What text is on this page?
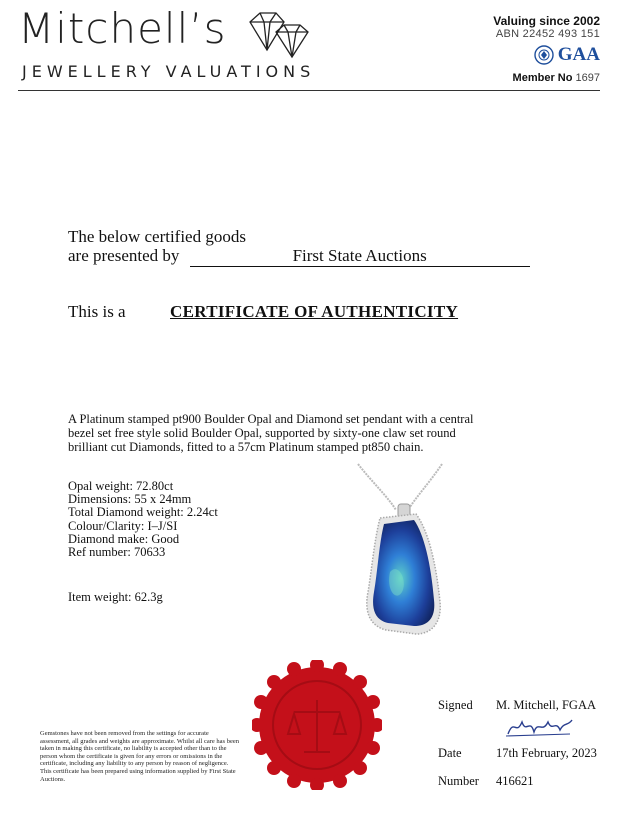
Mitchell’s
JEWELLERY VALUATIONS
Valuing since 2002
ABN 22452 493 151
GAA
Member No 1697
The below certified goods
are presented by	First State Auctions
This is a	CERTIFICATE OF AUTHENTICITY
A Platinum stamped pt900 Boulder Opal and Diamond set pendant with a central bezel set free style solid Boulder Opal, supported by sixty-one claw set round brilliant cut Diamonds, fitted to a 57cm Platinum stamped pt850 chain.
Opal weight: 72.80ct
Dimensions: 55 x 24mm
Total Diamond weight: 2.24ct
Colour/Clarity: I–J/SI
Diamond make: Good
Ref number: 70633
Item weight: 62.3g
Gemstones have not been removed from the settings for accurate assessment, all grades and weights are approximate. Whilst all care has been taken in making this certificate, no liability is accepted other than to the person whom the certificate is given for any errors or omissions in the certificate, including any liability to any person by reason of negligence. This certificate has been prepared using information supplied by First State Auctions.
Signed M. Mitchell, FGAA
Date	17th February, 2023
Number 416621
